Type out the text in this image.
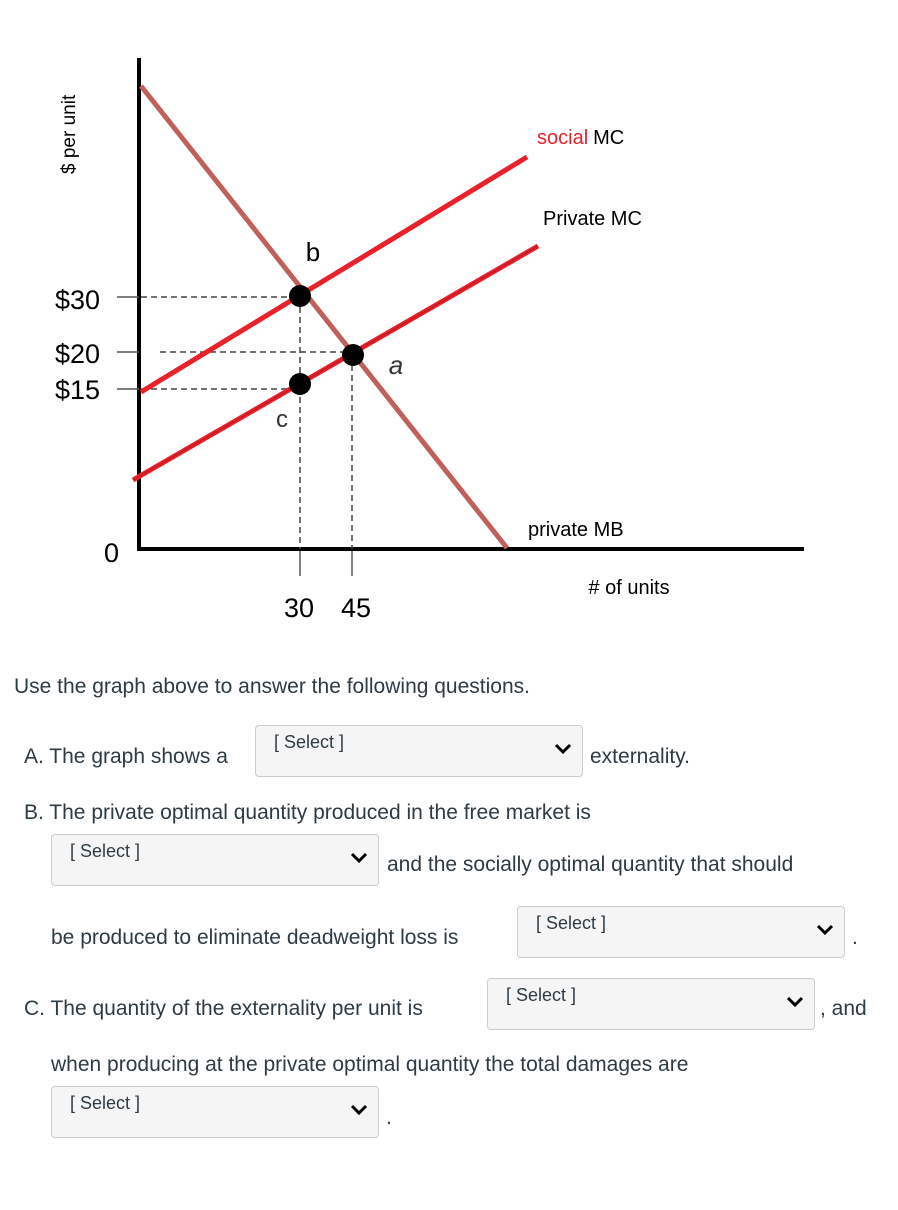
$ per unit
$30
$20
$15
0
30 45
# of units
b
a
c
social MC
Private MC
private MB
Use the graph above to answer the following questions.
A. The graph shows a
[ Select ]
externality.
B. The private optimal quantity produced in the free market is
[ Select ]
and the socially optimal quantity that should
be produced to eliminate deadweight loss is
[ Select ]
.
C. The quantity of the externality per unit is
[ Select ]
, and
when producing at the private optimal quantity the total damages are
[ Select ]
.
